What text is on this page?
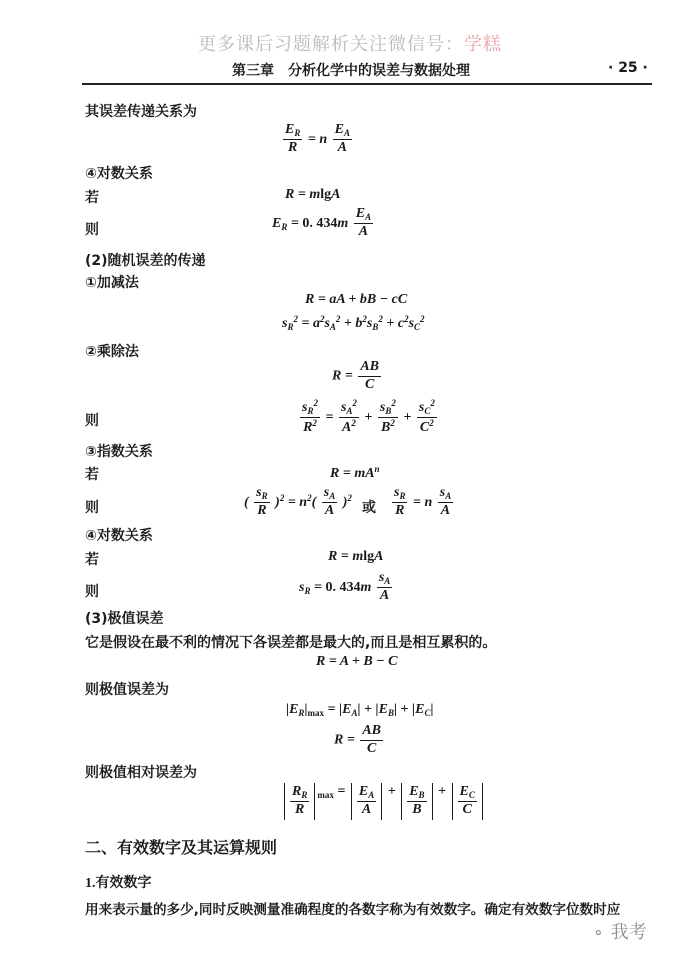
更多课后习题解析关注微信号：学糕
第三章 分析化学中的误差与数据处理	· 25 ·
其误差传递关系为
$\frac{E_R}{R} = n \frac{E_A}{A}$
④对数关系
若	R = mlgA
则	$E_R = 0$. $434m \frac{E_A}{A}$
(2)随机误差的传递
①加减法
R = aA + bB − cC
$s_R^2 = a^2s_A^2 + b^2s_B^2 + c^2s_C^2$
②乘除法
$R = \frac{AB}{C}$
则	$\frac{s_R^2}{R^2} = \frac{s_A^2}{A^2} + \frac{s_B^2}{B^2} + \frac{s_C^2}{C^2}$
③指数关系
若	$R = mA^n$
则	( $\frac{s_R}{R} )^2 = n^2( \frac{s_A}{A} )^2$
或 $\frac{s_R}{R} = n \frac{s_A}{A}$
④对数关系
若	R = mlgA
则	$s_R = 0$. $434m \frac{s_A}{A}$
(3)极值误差
它是假设在最不利的情况下各误差都是最大的,而且是相互累积的。
R = A + B − C
则极值误差为
$|E_R|_{max} = |E_A| + |E_B| + |E_C|$
$R = \frac{AB}{C}$
则极值相对误差为
$\frac{R_R}{R} _{max} = \frac{E_A}{A} + \frac{E_B}{B} + \frac{E_C}{C}$
二、有效数字及其运算规则
1.有效数字
用来表示量的多少,同时反映测量准确程度的各数字称为有效数字。确定有效数字位数时应
⚬ 我考
